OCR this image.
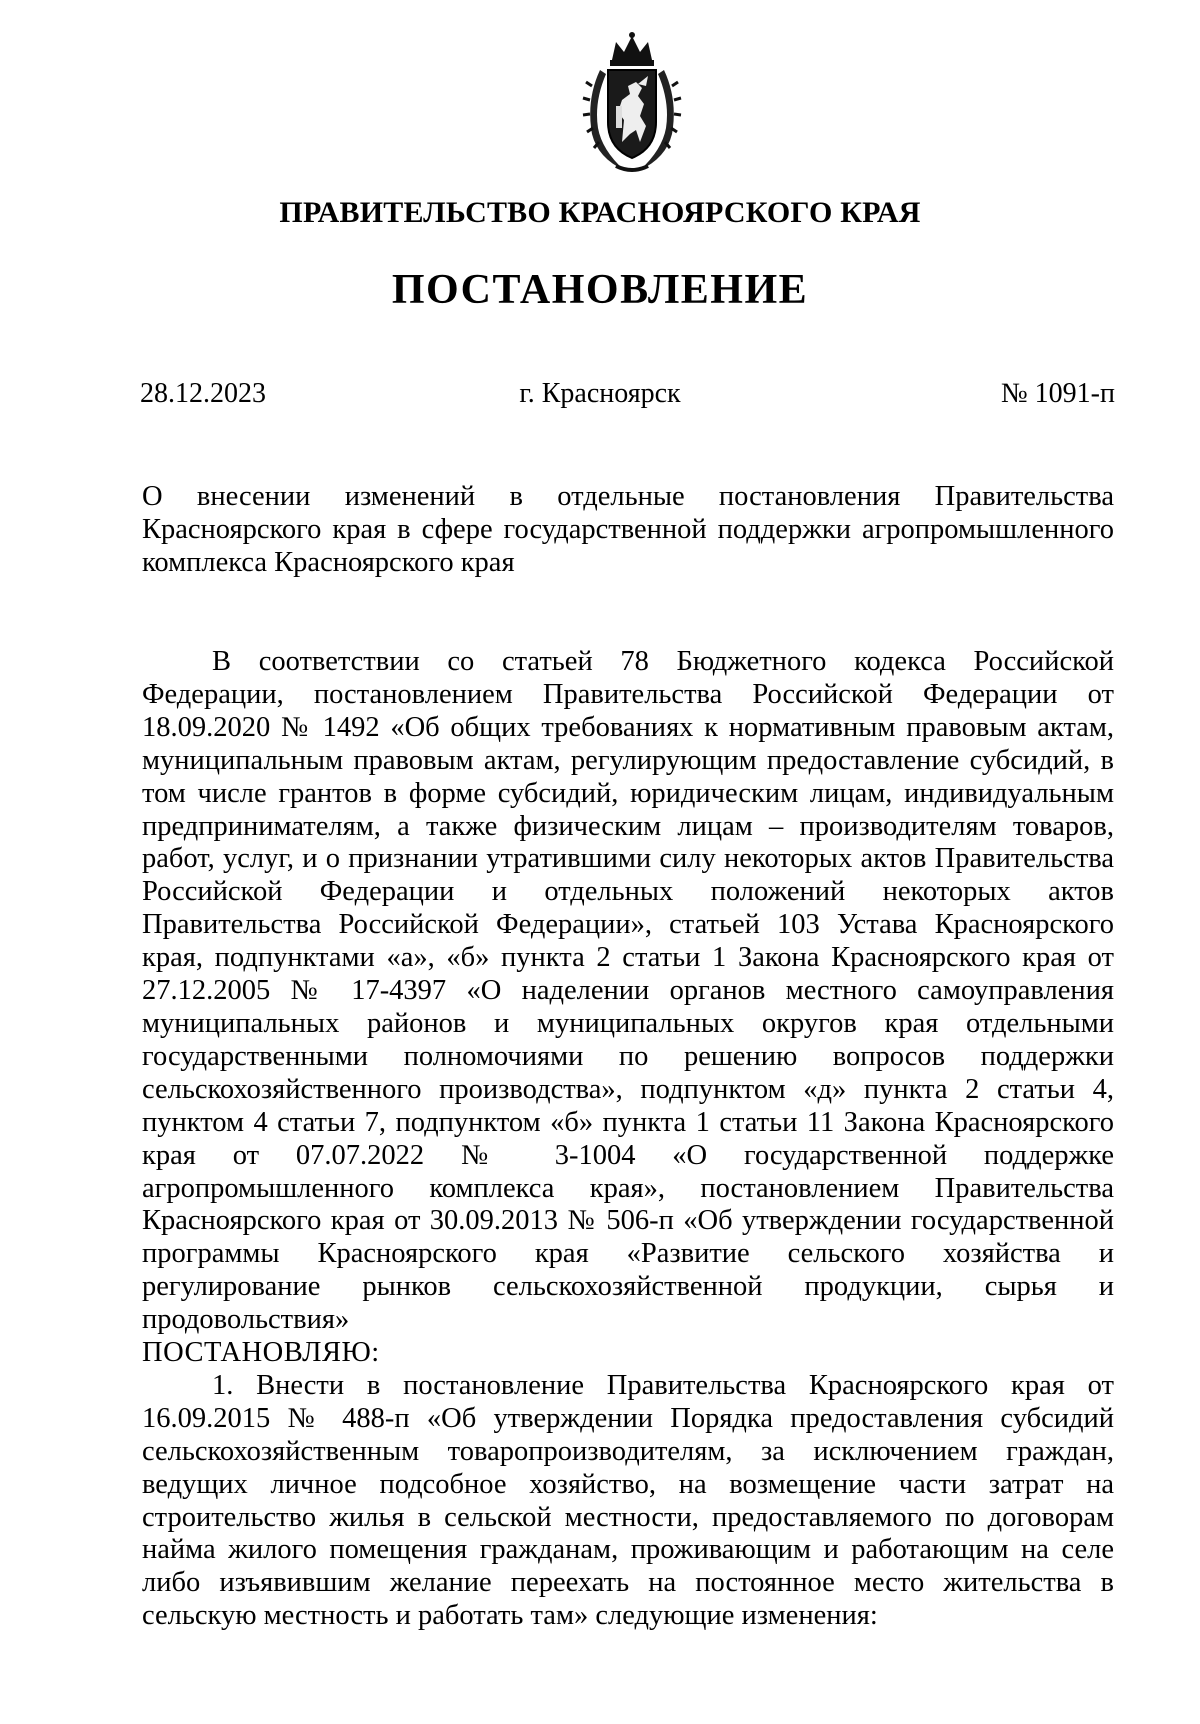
ПРАВИТЕЛЬСТВО КРАСНОЯРСКОГО КРАЯ
ПОСТАНОВЛЕНИЕ
28.12.2023	г. Красноярск	№ 1091-п
О внесении изменений в отдельные постановления Правительства Красноярского края в сфере государственной поддержки агропромышленного комплекса Красноярского края

В соответствии со статьей 78 Бюджетного кодекса Российской Федерации, постановлением Правительства Российской Федерации от 18.09.2020 № 1492 «Об общих требованиях к нормативным правовым актам, муниципальным правовым актам, регулирующим предоставление субсидий, в том числе грантов в форме субсидий, юридическим лицам, индивидуальным предпринимателям, а также физическим лицам – производителям товаров, работ, услуг, и о признании утратившими силу некоторых актов Правительства Российской Федерации и отдельных положений некоторых актов Правительства Российской Федерации», статьей 103 Устава Красноярского края, подпунктами «а», «б» пункта 2 статьи 1 Закона Красноярского края от 27.12.2005 № 17-4397 «О наделении органов местного самоуправления муниципальных районов и муниципальных округов края отдельными государственными полномочиями по решению вопросов поддержки сельскохозяйственного производства», подпунктом «д» пункта 2 статьи 4, пунктом 4 статьи 7, подпунктом «б» пункта 1 статьи 11 Закона Красноярского края от 07.07.2022 № 3-1004 «О государственной поддержке агропромышленного комплекса края», постановлением Правительства Красноярского края от 30.09.2013 № 506-п «Об утверждении государственной программы Красноярского края «Развитие сельского хозяйства и регулирование рынков сельскохозяйственной продукции, сырья и продовольствия»

ПОСТАНОВЛЯЮ:

1. Внести в постановление Правительства Красноярского края от 16.09.2015 № 488-п «Об утверждении Порядка предоставления субсидий сельскохозяйственным товаропроизводителям, за исключением граждан, ведущих личное подсобное хозяйство, на возмещение части затрат на строительство жилья в сельской местности, предоставляемого по договорам найма жилого помещения гражданам, проживающим и работающим на селе либо изъявившим желание переехать на постоянное место жительства в сельскую местность и работать там» следующие изменения:
